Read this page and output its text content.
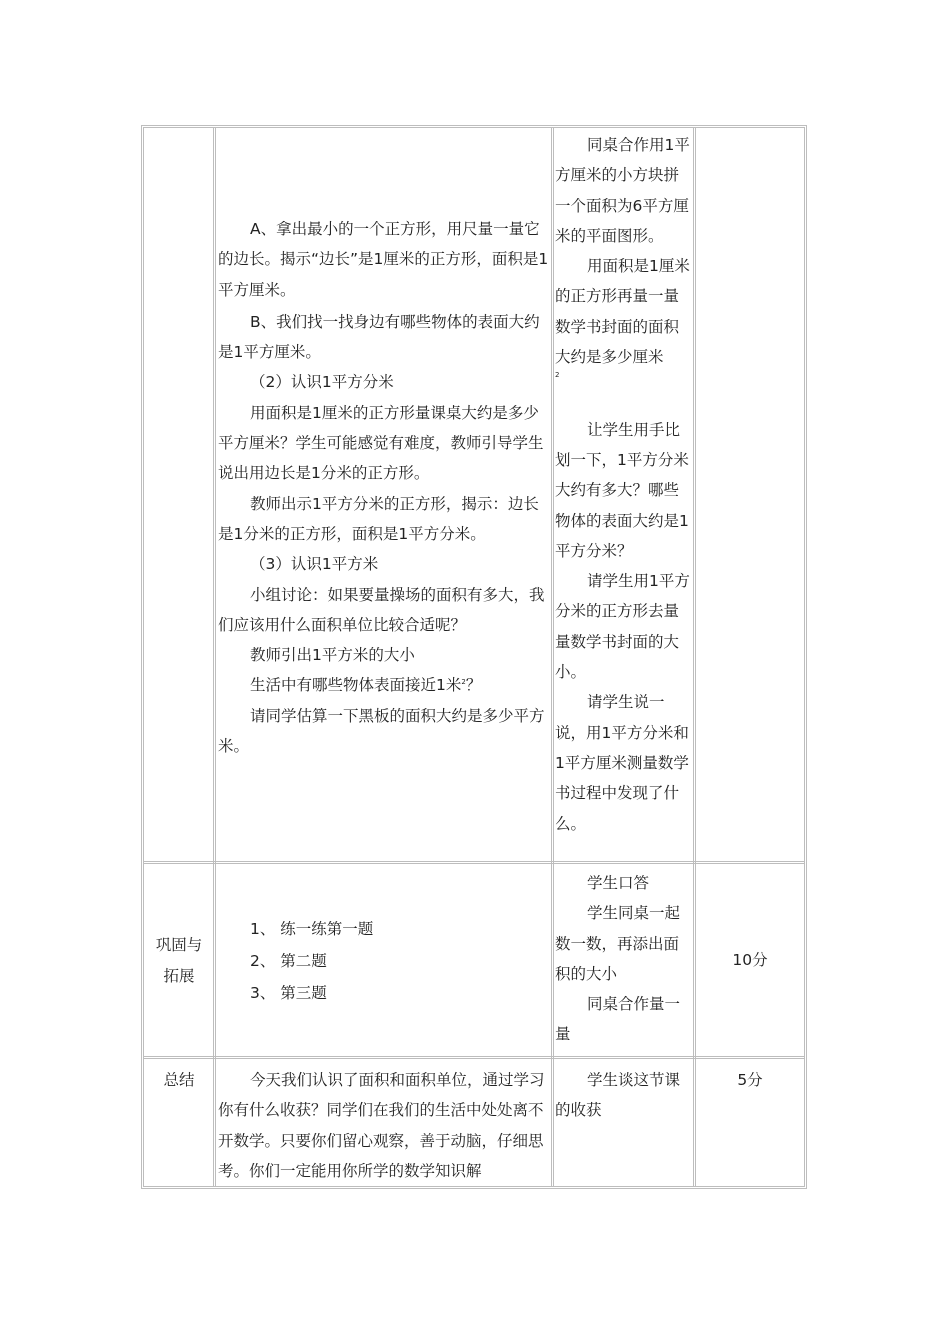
A、拿出最小的一个正方形，用尺量一量它的边长。揭示“边长”是1厘米的正方形，面积是1平方厘米。

B、我们找一找身边有哪些物体的表面大约是1平方厘米。

（2）认识1平方分米

用面积是1厘米的正方形量课桌大约是多少平方厘米？学生可能感觉有难度，教师引导学生说出用边长是1分米的正方形。

教师出示1平方分米的正方形，揭示：边长是1分米的正方形，面积是1平方分米。

（3）认识1平方米

小组讨论：如果要量操场的面积有多大，我们应该用什么面积单位比较合适呢？

教师引出1平方米的大小

生活中有哪些物体表面接近1米$^2$？

请同学估算一下黑板的面积大约是多少平方米。

同桌合作用1平方厘米的小方块拼一个面积为6平方厘米的平面图形。

用面积是1厘米的正方形再量一量数学书封面的面积大约是多少厘米
$^2$

让学生用手比划一下，1平方分米大约有多大？哪些物体的表面大约是1平方分米？

请学生用1平方分米的正方形去量量数学书封面的大小。

请学生说一说，用1平方分米和1平方厘米测量数学书过程中发现了什么。

巩固与拓展

1、 练一练第一题

2、 第二题

3、 第三题

学生口答

学生同桌一起数一数，再添出面积的大小

同桌合作量一量

10分
总结	今天我们认识了面积和面积单位，通过学习你有什么收获？同学们在我们的生活中处处离不开数学。只要你们留心观察，善于动脑，仔细思考。你们一定能用你所学的数学知识解

学生谈这节课的收获

5分
